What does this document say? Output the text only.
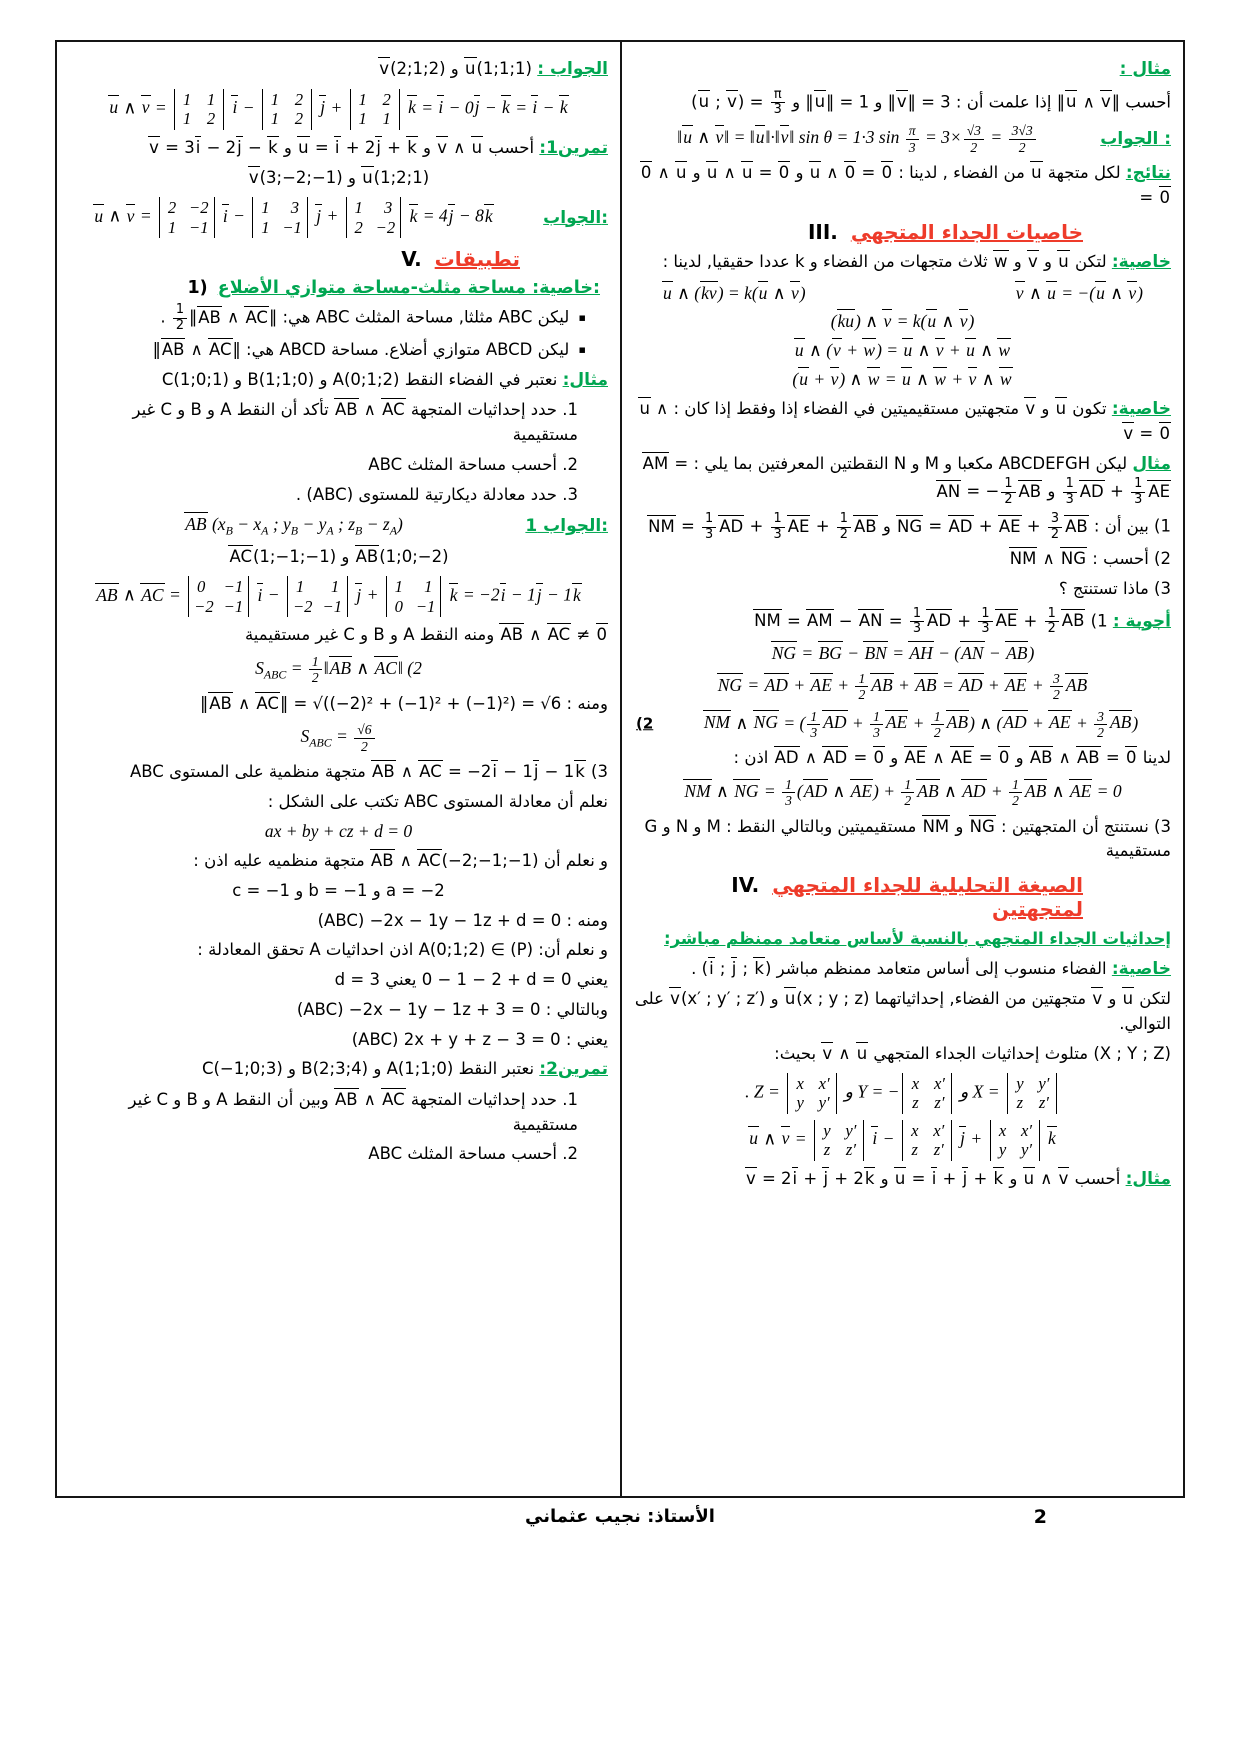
مثال :
أحسب ⁦‖u ∧ v‖⁩ إذا علمت أن : ⁦‖v‖ = 3⁩ و ⁦‖u‖ = 1⁩ و ⁦(u ; $v) = \frac{\pi}{3}$
الجواب :
‖u ∧ v‖ = ‖u‖·‖v‖ sin θ = 1·3 $\sin \frac{\pi}{3} = 3\times \frac{√3}{2} = \frac{3√3}{2}$
نتائج: لكل متجهة u من الفضاء , لدينا : ⁦u ∧ 0 = 0⁩ و ⁦u ∧ u = 0⁩ و ⁦0 ∧ u = 0
III. خاصيات الجداء المتجهي
خاصية: لتكن u و v و w ثلاث متجهات من الفضاء و k عددا حقيقيا, لدينا :
u ∧ (kv) = k(u ∧ v)	v ∧ u = −(u ∧ v)
(ku) ∧ v = k(u ∧ v)
u ∧ (v + w) = u ∧ v + u ∧ w
(u + v) ∧ w = u ∧ w + v ∧ w
خاصية: تكون u و v متجهتين مستقيميتين في الفضاء إذا وفقط إذا كان : ⁦u ∧ v = 0
مثال ليكن ABCDEFGH مكعبا و M و N النقطتين المعرفتين بما يلي : ⁦AM =
$\frac{1}{3}$ AD + $\frac{1}{3}$ AE⁩ و ⁦AN = − $\frac{1}{2}$ AB
1) بين أن : ⁦NG = AD + AE + $\frac{3}{2}$ AB⁩ و ⁦NM = $\frac{1}{3}$ AD + $\frac{1}{3}$ AE + $\frac{1}{2}$ AB
2) أحسب : NM ∧ NG
3) ماذا تستنتج ؟
أجوبة : 1) ⁦NM = AM − AN = $\frac{1}{3}$ AD + $\frac{1}{3}$ AE + $\frac{1}{2}$ AB
NG = BG − BN = AH − (AN − AB)
NG = AD + AE + $\frac{1}{2}$ AB + AB = AD + AE + $\frac{3}{2}$ AB
(2	NM ∧ NG = ( $\frac{1}{3}$ AD + $\frac{1}{3}$ AE + $\frac{1}{2} AB$) ∧ (AD + AE + $\frac{3}{2} AB$)
لدينا ⁦AB ∧ AB = 0⁩ و ⁦AE ∧ AE = 0⁩ و ⁦AD ∧ AD = 0⁩ اذن :
NM ∧ NG = $\frac{1}{3} (AD$ ∧ $AE) + \frac{1}{2}$ AB ∧ AD + $\frac{1}{2}$ AB ∧ AE = 0
3) نستنتج أن المتجهتين : NG و NM مستقيميتين وبالتالي النقط : M و N و G مستقيمية
IV. الصيغة التحليلية للجداء المتجهي لمتجهتين
إحداثيات الجداء المتجهي بالنسبة لأساس متعامد ممنظم مباشر:
خاصية: الفضاء منسوب إلى أساس متعامد ممنظم مباشر ⁦(i ; j ; k)⁩ .
لتكن u و v متجهتين من الفضاء, إحداثياتهما ⁦u(x ; y ; z)⁩ و ⁦v(x′ ; y′ ; z′)⁩ على التوالي.
⁦(X ; Y ; Z)⁩ متلوث إحداثيات الجداء المتجهي v ∧ u بحيث:
. Z = x x′
y y′
و Y = − x x′
z z′
و X = y y′
z z′
u ∧ v = y y′
z z′
i − x x′
z z′
j + x x′
y y′
k
مثال: أحسب u ∧ v و ⁦u = i + j + k⁩ و ⁦v = 2i + j + 2k
الجواب : ⁦u(1;1;1)⁩ و ⁦v(2;1;2)⁩
u ∧ v = 1 1
1 2
i − 1 2
1 2
j + 1 2
1 1
k = i − 0j − k = i − k
تمرين1: أحسب v ∧ u و ⁦u = i + 2j + k⁩ و ⁦v = 3i − 2j − k
u(1;2;1)⁩ و ⁦v(3;−2;−1)⁩
الجواب:
u ∧ v = 2 −2
1 −1
i − 1 3
1 −1
j + 1 3
2 −2
k = 4j − 8k
V. تطبيقات
1) خاصية: مساحة مثلث-مساحة متوازي الأضلاع:
▪ ليكن ABC مثلثا, مساحة المثلث ABC هي: ⁦
$\frac{1}{2}$ ‖AB ∧ AC‖⁩ .
▪ ليكن ABCD متوازي أضلاع. مساحة ABCD هي: ⁦‖AB ∧ AC‖⁩
مثال: نعتبر في الفضاء النقط ⁦A(0;1;2)⁩ و ⁦B(1;1;0)⁩ و ⁦C(1;0;1)⁩
1. حدد إحداثيات المتجهة AB ∧ AC تأكد أن النقط A و B و C غير مستقيمية
2. أحسب مساحة المثلث ABC
3. حدد معادلة ديكارتية للمستوى ⁦(ABC)⁩ .
الجواب 1:
AB ($x_B - x_A$ ; $y_B - y_A$ ; $z_B - z_A$)
AB(1;0;−2)⁩ و ⁦AC(1;−1;−1)⁩
AB ∧ AC = 0 −1
−2 −1
i − 1 1
−2 −1
j + 1 1
0 −1
k = −2i − 1j − 1k
AB ∧ AC ≠ 0⁩ ومنه النقط A و B و C غير مستقيمية
$S_{ABC} = \frac{1}{2}$ ‖AB ∧ AC‖ (2
ومنه : ⁦‖AB ∧ AC‖ = √((−2)² + (−1)² + (−1)²) = √6⁩
$S_{ABC} = \frac{√6}{2}$
3) ⁦AB ∧ AC = −2i − 1j − 1k⁩ متجهة منظمية على المستوى ABC
نعلم أن معادلة المستوى ABC تكتب على الشكل :
ax + by + cz + d = 0
و نعلم أن ⁦AB ∧ AC(−2;−1;−1)⁩ متجهة منظميه عليه اذن :
⁦a = −2⁩ و ⁦b = −1⁩ و ⁦c = −1⁩
ومنه : ⁦(ABC) −2x − 1y − 1z + d = 0⁩
و نعلم أن: ⁦A(0;1;2) ∈ (P)⁩ اذن احداثيات A تحقق المعادلة :
يعني ⁦0 − 1 − 2 + d = 0⁩ يعني ⁦d = 3⁩
وبالتالي : ⁦(ABC) −2x − 1y − 1z + 3 = 0⁩
يعني : ⁦(ABC) 2x + y + z − 3 = 0⁩
تمرين2: نعتبر النقط ⁦A(1;1;0)⁩ و ⁦B(2;3;4)⁩ و ⁦C(−1;0;3)⁩
1. حدد إحداثيات المتجهة AB ∧ AC وبين أن النقط A و B و C غير مستقيمية
2. أحسب مساحة المثلث ABC
الأستاذ: نجيب عثماني	2
